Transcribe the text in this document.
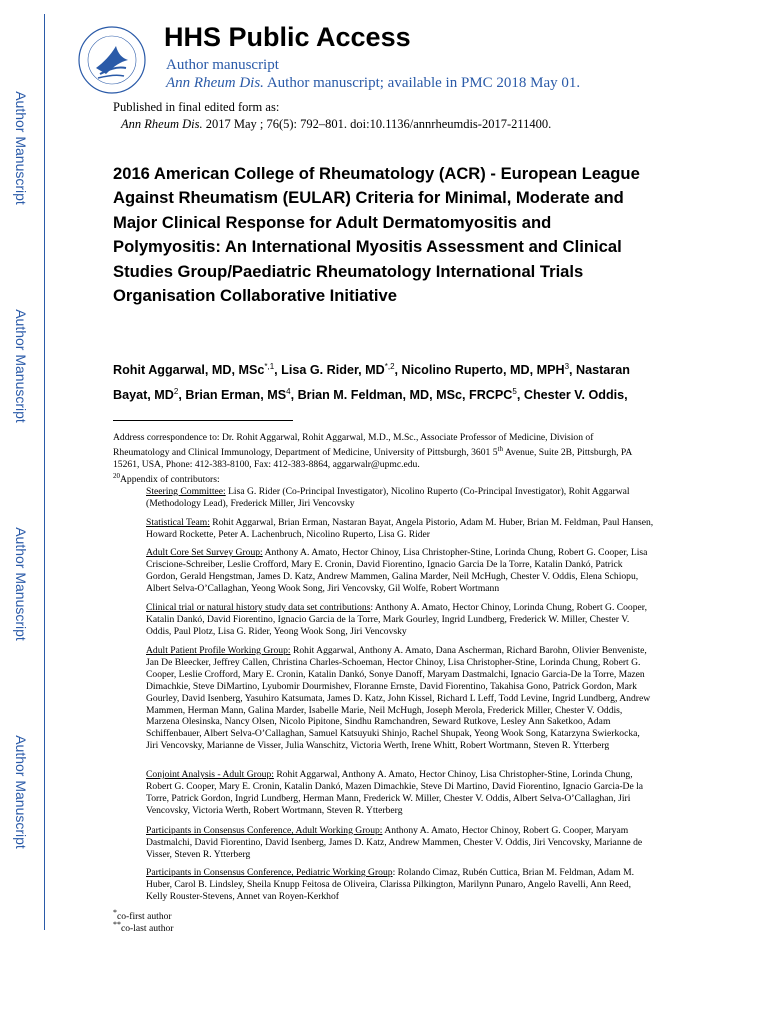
Author Manuscript
Author Manuscript
Author Manuscript
Author Manuscript
HHS Public Access
Author manuscript
Ann Rheum Dis. Author manuscript; available in PMC 2018 May 01.
Published in final edited form as:
Ann Rheum Dis. 2017 May ; 76(5): 792–801. doi:10.1136/annrheumdis-2017-211400.
2016 American College of Rheumatology (ACR) - European League Against Rheumatism (EULAR) Criteria for Minimal, Moderate and Major Clinical Response for Adult Dermatomyositis and Polymyositis: An International Myositis Assessment and Clinical Studies Group/Paediatric Rheumatology International Trials Organisation Collaborative Initiative
Rohit Aggarwal, MD, MSc$^{*,1}$, Lisa G. Rider, $MD^{*,2}$, Nicolino Ruperto, MD, MPH$^3$, Nastaran Bayat, $MD^2$, Brian Erman, $MS^4$, Brian M. Feldman, MD, MSc, FRCPC$^5$, Chester V. Oddis,
Address correspondence to: Dr. Rohit Aggarwal, Rohit Aggarwal, M.D., M.Sc., Associate Professor of Medicine, Division of Rheumatology and Clinical Immunology, Department of Medicine, University of Pittsburgh, 3601 5th Avenue, Suite 2B, Pittsburgh, PA 15261, USA, Phone: 412-383-8100, Fax: 412-383-8864, aggarwalr@upmc.edu.
$^{20}$Appendix of contributors:
Steering Committee: Lisa G. Rider (Co-Principal Investigator), Nicolino Ruperto (Co-Principal Investigator), Rohit Aggarwal (Methodology Lead), Frederick Miller, Jiri Vencovsky
Statistical Team: Rohit Aggarwal, Brian Erman, Nastaran Bayat, Angela Pistorio, Adam M. Huber, Brian M. Feldman, Paul Hansen, Howard Rockette, Peter A. Lachenbruch, Nicolino Ruperto, Lisa G. Rider
Adult Core Set Survey Group: Anthony A. Amato, Hector Chinoy, Lisa Christopher-Stine, Lorinda Chung, Robert G. Cooper, Lisa Criscione-Schreiber, Leslie Crofford, Mary E. Cronin, David Fiorentino, Ignacio Garcia De la Torre, Katalin Dankó, Patrick Gordon, Gerald Hengstman, James D. Katz, Andrew Mammen, Galina Marder, Neil McHugh, Chester V. Oddis, Elena Schiopu, Albert Selva-O’Callaghan, Yeong Wook Song, Jiri Vencovsky, Gil Wolfe, Robert Wortmann
Clinical trial or natural history study data set contributions: Anthony A. Amato, Hector Chinoy, Lorinda Chung, Robert G. Cooper, Katalin Dankó, David Fiorentino, Ignacio Garcia de la Torre, Mark Gourley, Ingrid Lundberg, Frederick W. Miller, Chester V. Oddis, Paul Plotz, Lisa G. Rider, Yeong Wook Song, Jiri Vencovsky
Adult Patient Profile Working Group: Rohit Aggarwal, Anthony A. Amato, Dana Ascherman, Richard Barohn, Olivier Benveniste, Jan De Bleecker, Jeffrey Callen, Christina Charles-Schoeman, Hector Chinoy, Lisa Christopher-Stine, Lorinda Chung, Robert G. Cooper, Leslie Crofford, Mary E. Cronin, Katalin Dankó, Sonye Danoff, Maryam Dastmalchi, Ignacio Garcia-De la Torre, Mazen Dimachkie, Steve DiMartino, Lyubomir Dourmishev, Floranne Ernste, David Fiorentino, Takahisa Gono, Patrick Gordon, Mark Gourley, David Isenberg, Yasuhiro Katsumata, James D. Katz, John Kissel, Richard L Leff, Todd Levine, Ingrid Lundberg, Andrew Mammen, Herman Mann, Galina Marder, Isabelle Marie, Neil McHugh, Joseph Merola, Frederick Miller, Chester V. Oddis, Marzena Olesinska, Nancy Olsen, Nicolo Pipitone, Sindhu Ramchandren, Seward Rutkove, Lesley Ann Saketkoo, Adam Schiffenbauer, Albert Selva-O’Callaghan, Samuel Katsuyuki Shinjo, Rachel Shupak, Yeong Wook Song, Katarzyna Swierkocka, Jiri Vencovsky, Marianne de Visser, Julia Wanschitz, Victoria Werth, Irene Whitt, Robert Wortmann, Steven R. Ytterberg
Conjoint Analysis - Adult Group: Rohit Aggarwal, Anthony A. Amato, Hector Chinoy, Lisa Christopher-Stine, Lorinda Chung, Robert G. Cooper, Mary E. Cronin, Katalin Dankó, Mazen Dimachkie, Steve Di Martino, David Fiorentino, Ignacio Garcia-De la Torre, Patrick Gordon, Ingrid Lundberg, Herman Mann, Frederick W. Miller, Chester V. Oddis, Albert Selva-O’Callaghan, Jiri Vencovsky, Victoria Werth, Robert Wortmann, Steven R. Ytterberg
Participants in Consensus Conference, Adult Working Group: Anthony A. Amato, Hector Chinoy, Robert G. Cooper, Maryam Dastmalchi, David Fiorentino, David Isenberg, James D. Katz, Andrew Mammen, Chester V. Oddis, Jiri Vencovsky, Marianne de Visser, Steven R. Ytterberg
Participants in Consensus Conference, Pediatric Working Group: Rolando Cimaz, Rubén Cuttica, Brian M. Feldman, Adam M. Huber, Carol B. Lindsley, Sheila Knupp Feitosa de Oliveira, Clarissa Pilkington, Marilynn Punaro, Angelo Ravelli, Ann Reed, Kelly Rouster-Stevens, Annet van Royen-Kerkhof
*co-first author
**co-last author
